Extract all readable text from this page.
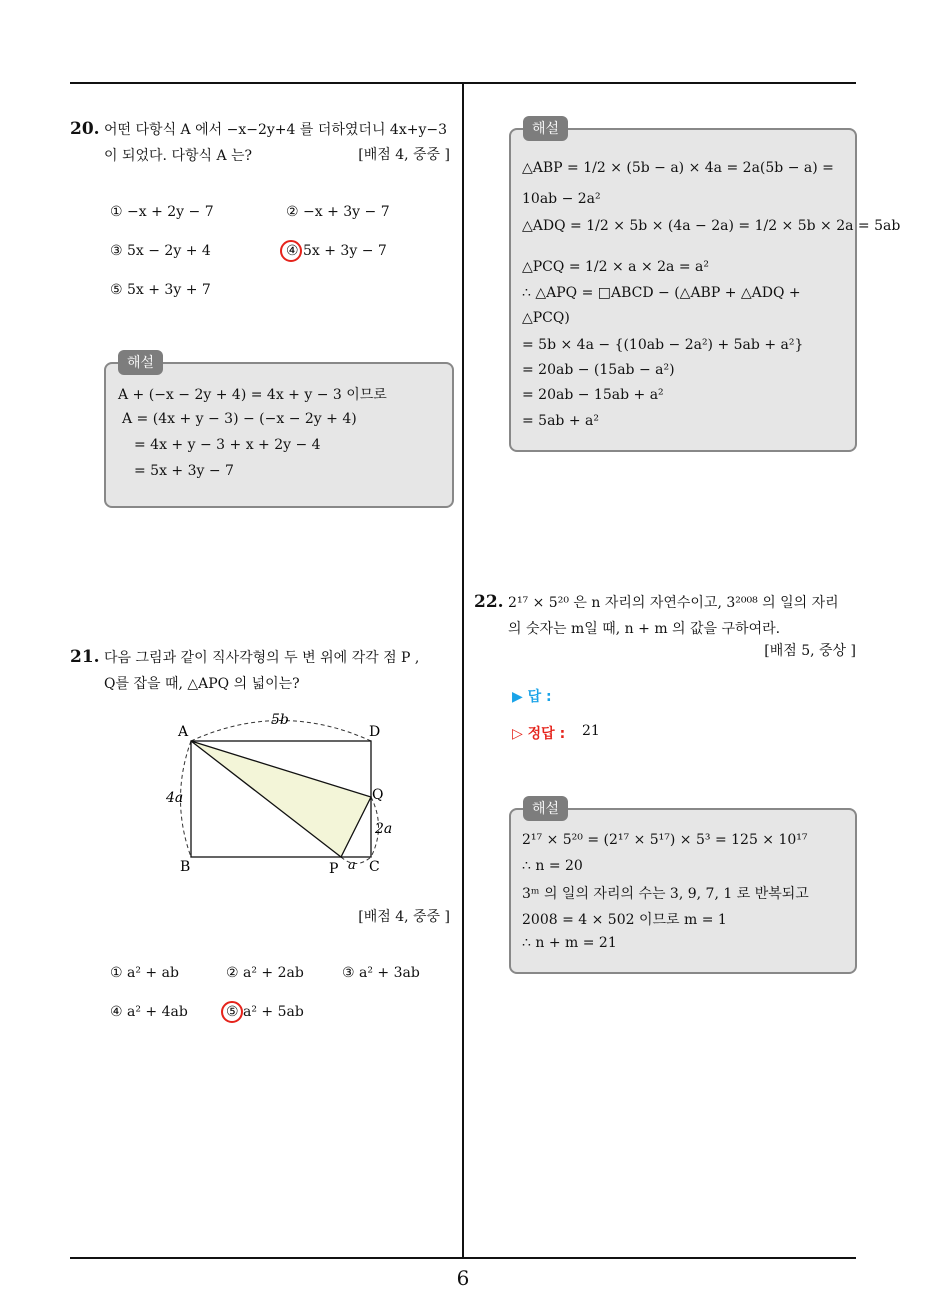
20. 어떤 다항식 A 에서 −x−2y+4 를 더하였더니 4x+y−3
이 되었다. 다항식 A 는?	[배점 4, 중중 ]
① −x + 2y − 7	② −x + 3y − 7
③ 5x − 2y + 4	④ 5x + 3y − 7
⑤ 5x + 3y + 7
해설
A + (−x − 2y + 4) = 4x + y − 3 이므로
A = (4x + y − 3) − (−x − 2y + 4)
= 4x + y − 3 + x + 2y − 4
= 5x + 3y − 7
21. 다음 그림과 같이 직사각형의 두 변 위에 각각 점 P ,
Q를 잡을 때, △APQ 의 넓이는?
A	D
B	C
P
Q
5b
4a
2a
a
[배점 4, 중중 ]
① a² + ab	② a² + 2ab	③ a² + 3ab
④ a² + 4ab	⑤ a² + 5ab
해설
△ABP = 1/2 × (5b − a) × 4a = 2a(5b − a) =
10ab − 2a²
△ADQ = 1/2 × 5b × (4a − 2a) = 1/2 × 5b × 2a = 5ab
△PCQ = 1/2 × a × 2a = a²
∴ △APQ = □ABCD − (△ABP + △ADQ +
△PCQ)
= 5b × 4a − {(10ab − 2a²) + 5ab + a²}
= 20ab − (15ab − a²)
= 20ab − 15ab + a²
= 5ab + a²
22. 2¹⁷ × 5²⁰ 은 n 자리의 자연수이고, 3²⁰⁰⁸ 의 일의 자리
의 숫자는 m일 때, n + m 의 값을 구하여라.
[배점 5, 중상 ]
▶ 답 :
▷ 정답 : 21
해설
2¹⁷ × 5²⁰ = (2¹⁷ × 5¹⁷) × 5³ = 125 × 10¹⁷
∴ n = 20
3ᵐ 의 일의 자리의 수는 3, 9, 7, 1 로 반복되고
2008 = 4 × 502 이므로 m = 1
∴ n + m = 21
6
